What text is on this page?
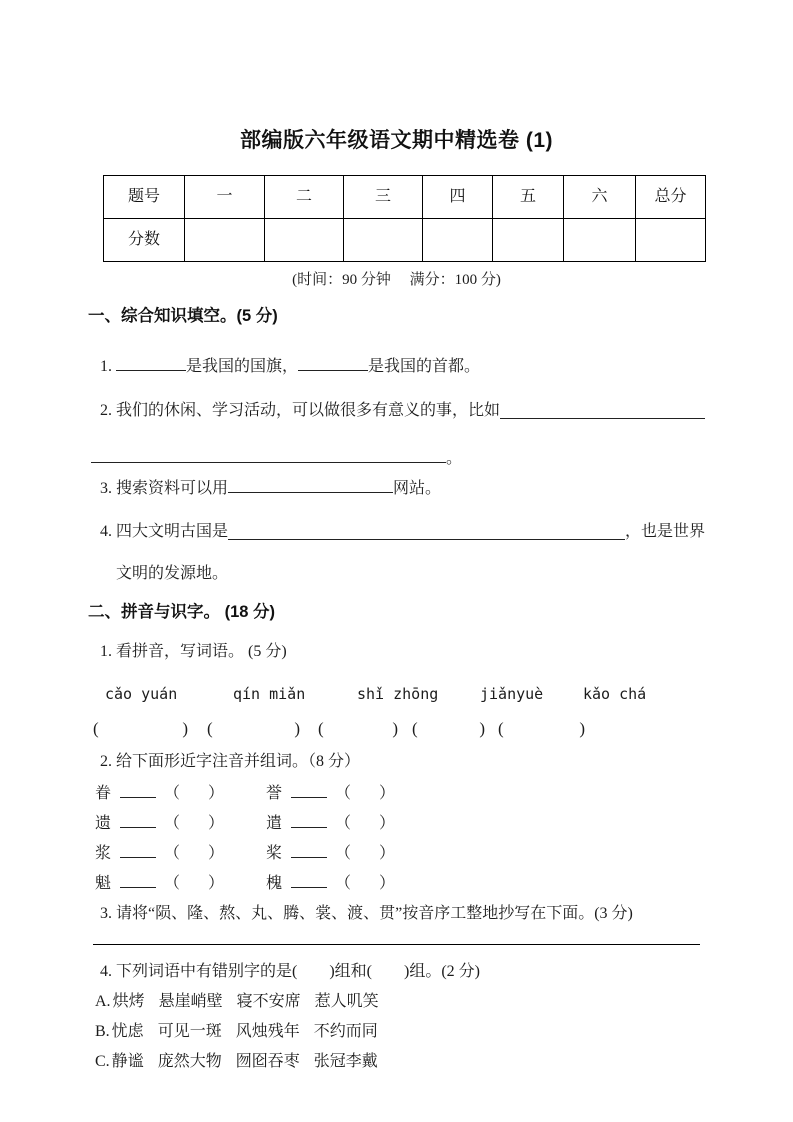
部编版六年级语文期中精选卷 (1)
题号	一	二	三	四	五	六	总分
分数							
(时间：90 分钟　 满分：100 分)
一、综合知识填空。(5 分)
1.	是我国的国旗，	是我国的首都。
2.
我们的休闲、学习活动，可以做很多有意义的事，比如
。
3. 搜索资料可以用	网站。
4.
四大文明古国是	，也是世界
文明的发源地。
二、拼音与识字。 (18 分)
1. 看拼音，写词语。 (5 分)
cǎo yuán	qín miǎn	shǐ zhōng	jiǎnyuè	kǎo chá
(	) (	) (	) (	) (	)
2. 给下面形近字注音并组词。（8 分）
眷	（ ）	誉	（ ）
遗	（ ）	遣	（ ）
浆	（ ）	桨	（ ）
魁	（ ）	槐	（ ）
3. 请将“陨、隆、熬、丸、腾、裳、渡、贯”按音序工整地抄写在下面。(3 分)
4. 下列词语中有错别字的是(　　)组和(　　)组。(2 分)
A. 烘烤 悬崖峭壁 寝不安席 惹人叽笑
B. 忧虑 可见一斑 风烛残年 不约而同
C. 静谧 庞然大物 囫囵吞枣 张冠李戴
